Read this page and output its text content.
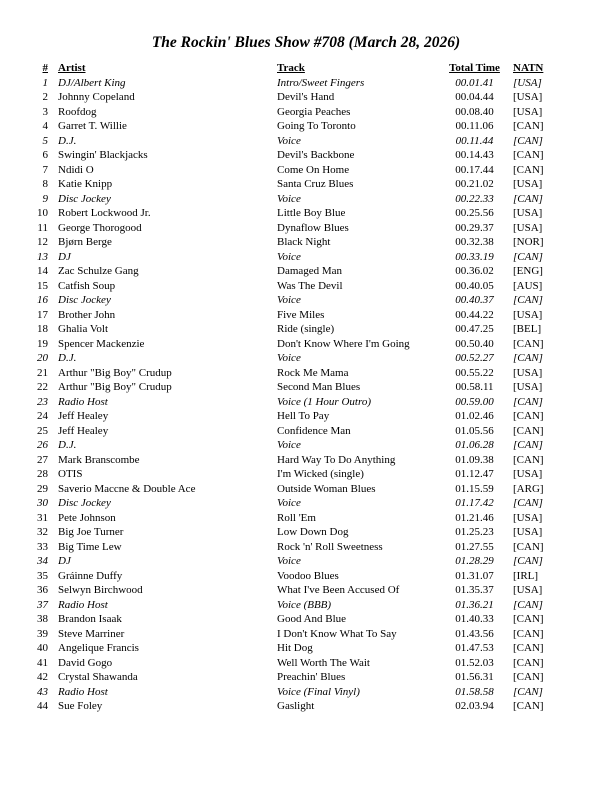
The Rockin' Blues Show #708 (March 28, 2026)
# Artist	Track	Total Time NATN
1 DJ/Albert King	Intro/Sweet Fingers	00.01.41	[USA]
2 Johnny Copeland	Devil's Hand	00.04.44	[USA]
3 Roofdog	Georgia Peaches	00.08.40	[USA]
4 Garret T. Willie	Going To Toronto	00.11.06	[CAN]
5 D.J.	Voice	00.11.44	[CAN]
6 Swingin' Blackjacks	Devil's Backbone	00.14.43	[CAN]
7 Ndidi O	Come On Home	00.17.44	[CAN]
8 Katie Knipp	Santa Cruz Blues	00.21.02	[USA]
9 Disc Jockey	Voice	00.22.33	[CAN]
10 Robert Lockwood Jr.	Little Boy Blue	00.25.56	[USA]
11 George Thorogood	Dynaflow Blues	00.29.37	[USA]
12 Bjørn Berge	Black Night	00.32.38	[NOR]
13 DJ	Voice	00.33.19	[CAN]
14 Zac Schulze Gang	Damaged Man	00.36.02	[ENG]
15 Catfish Soup	Was The Devil	00.40.05	[AUS]
16 Disc Jockey	Voice	00.40.37	[CAN]
17 Brother John	Five Miles	00.44.22	[USA]
18 Ghalia Volt	Ride (single)	00.47.25	[BEL]
19 Spencer Mackenzie	Don't Know Where I'm Going	00.50.40	[CAN]
20 D.J.	Voice	00.52.27	[CAN]
21 Arthur "Big Boy" Crudup	Rock Me Mama	00.55.22	[USA]
22 Arthur "Big Boy" Crudup	Second Man Blues	00.58.11	[USA]
23 Radio Host	Voice (1 Hour Outro)	00.59.00	[CAN]
24 Jeff Healey	Hell To Pay	01.02.46	[CAN]
25 Jeff Healey	Confidence Man	01.05.56	[CAN]
26 D.J.	Voice	01.06.28	[CAN]
27 Mark Branscombe	Hard Way To Do Anything	01.09.38	[CAN]
28 OTIS	I'm Wicked (single)	01.12.47	[USA]
29 Saverio Maccne & Double Ace	Outside Woman Blues	01.15.59	[ARG]
30 Disc Jockey	Voice	01.17.42	[CAN]
31 Pete Johnson	Roll 'Em	01.21.46	[USA]
32 Big Joe Turner	Low Down Dog	01.25.23	[USA]
33 Big Time Lew	Rock 'n' Roll Sweetness	01.27.55	[CAN]
34 DJ	Voice	01.28.29	[CAN]
35 Gráinne Duffy	Voodoo Blues	01.31.07	[IRL]
36 Selwyn Birchwood	What I've Been Accused Of	01.35.37	[USA]
37 Radio Host	Voice (BBB)	01.36.21	[CAN]
38 Brandon Isaak	Good And Blue	01.40.33	[CAN]
39 Steve Marriner	I Don't Know What To Say	01.43.56	[CAN]
40 Angelique Francis	Hit Dog	01.47.53	[CAN]
41 David Gogo	Well Worth The Wait	01.52.03	[CAN]
42 Crystal Shawanda	Preachin' Blues	01.56.31	[CAN]
43 Radio Host	Voice (Final Vinyl)	01.58.58	[CAN]
44 Sue Foley	Gaslight	02.03.94	[CAN]
